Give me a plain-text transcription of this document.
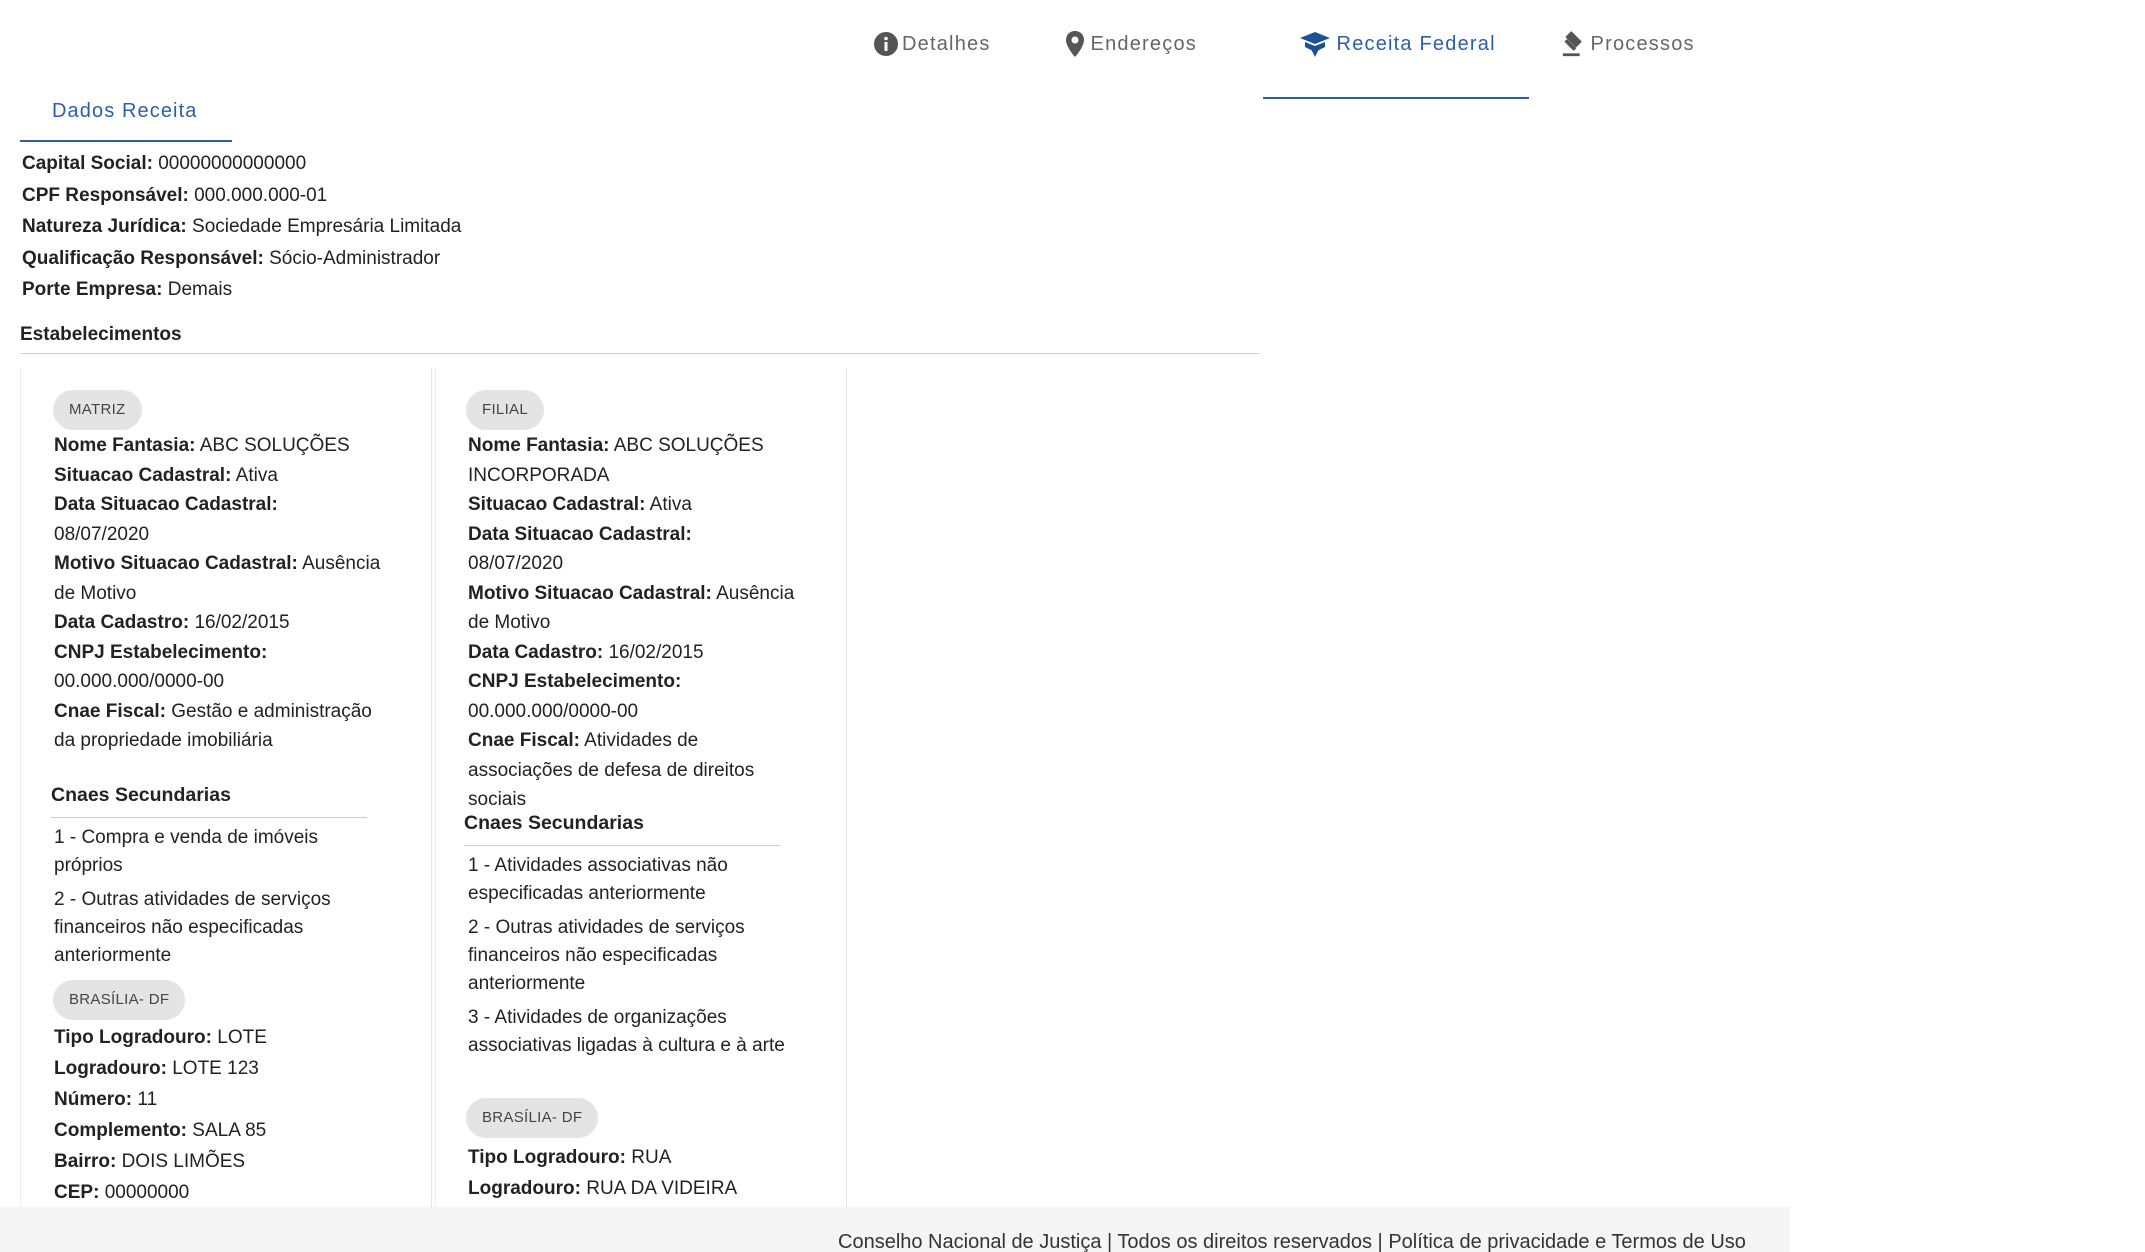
Detalhes	Endereços	Receita Federal	Processos
Dados Receita
Capital Social: 00000000000000
CPF Responsável: 000.000.000-01
Natureza Jurídica: Sociedade Empresária Limitada
Qualificação Responsável: Sócio-Administrador
Porte Empresa: Demais
Estabelecimentos
MATRIZ
Nome Fantasia: ABC SOLUÇÕES
Situacao Cadastral: Ativa
Data Situacao Cadastral:
08/07/2020
Motivo Situacao Cadastral: Ausência de Motivo
Data Cadastro: 16/02/2015
CNPJ Estabelecimento:
00.000.000/0000-00
Cnae Fiscal: Gestão e administração da propriedade imobiliária
Cnaes Secundarias
1 - Compra e venda de imóveis próprios
2 - Outras atividades de serviços financeiros não especificadas anteriormente
BRASÍLIA- DF
Tipo Logradouro: LOTE
Logradouro: LOTE 123
Número: 11
Complemento: SALA 85
Bairro: DOIS LIMÕES
CEP: 00000000
FILIAL
Nome Fantasia: ABC SOLUÇÕES INCORPORADA
Situacao Cadastral: Ativa
Data Situacao Cadastral:
08/07/2020
Motivo Situacao Cadastral: Ausência de Motivo
Data Cadastro: 16/02/2015
CNPJ Estabelecimento:
00.000.000/0000-00
Cnae Fiscal: Atividades de associações de defesa de direitos sociais
Cnaes Secundarias
1 - Atividades associativas não especificadas anteriormente
2 - Outras atividades de serviços financeiros não especificadas anteriormente
3 - Atividades de organizações associativas ligadas à cultura e à arte
BRASÍLIA- DF
Tipo Logradouro: RUA
Logradouro: RUA DA VIDEIRA
Conselho Nacional de Justiça | Todos os direitos reservados | Política de privacidade e Termos de Uso
